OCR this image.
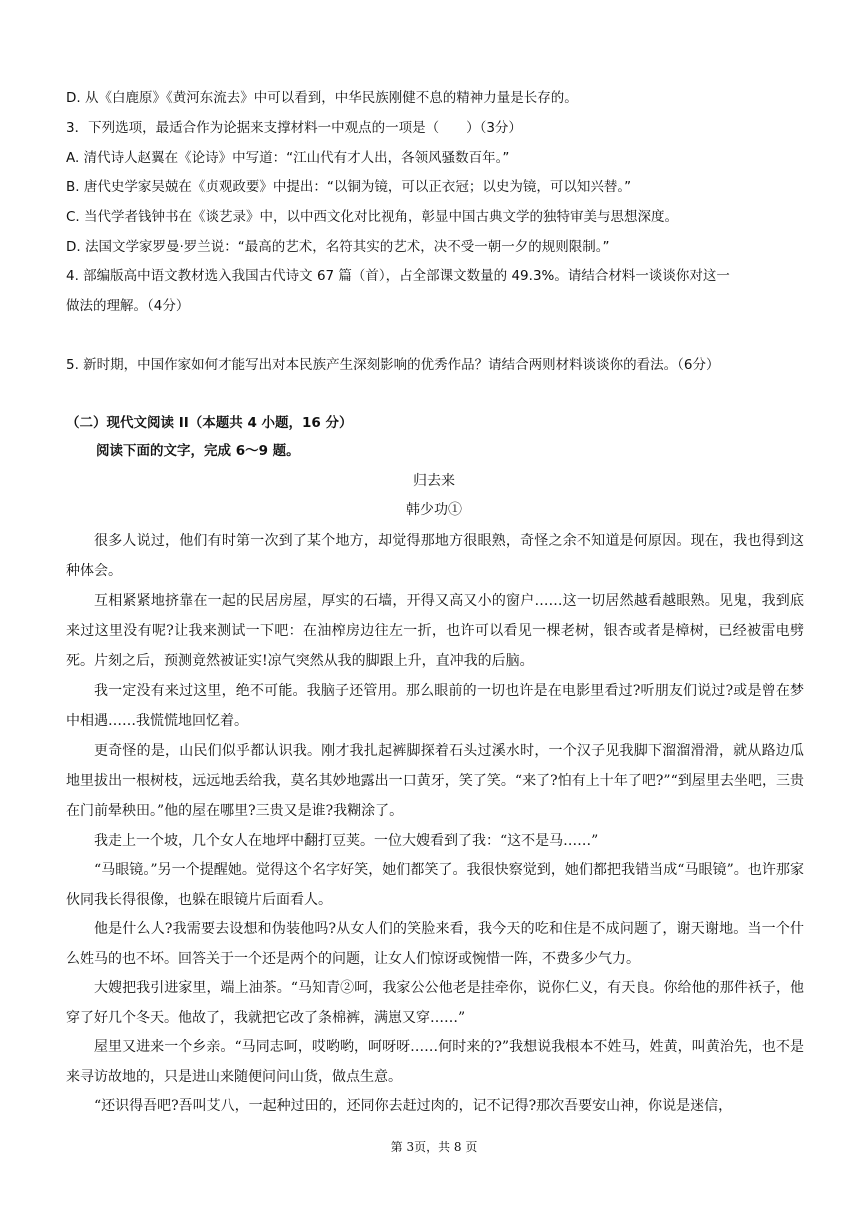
D. 从《白鹿原》《黄河东流去》中可以看到，中华民族刚健不息的精神力量是长存的。
3．下列选项，最适合作为论据来支撑材料一中观点的一项是（　　）（3分）
A. 清代诗人赵翼在《论诗》中写道：“江山代有才人出，各领风骚数百年。”
B. 唐代史学家吴兢在《贞观政要》中提出：“以铜为镜，可以正衣冠；以史为镜，可以知兴替。”
C. 当代学者钱钟书在《谈艺录》中，以中西文化对比视角，彰显中国古典文学的独特审美与思想深度。
D. 法国文学家罗曼·罗兰说：“最高的艺术，名符其实的艺术，决不受一朝一夕的规则限制。”
4. 部编版高中语文教材选入我国古代诗文 67 篇（首），占全部课文数量的 49.3%。请结合材料一谈谈你对这一
做法的理解。（4分）
5. 新时期，中国作家如何才能写出对本民族产生深刻影响的优秀作品？请结合两则材料谈谈你的看法。（6分）
（二）现代文阅读 II（本题共 4 小题，16 分）
阅读下面的文字，完成 6～9 题。
归去来
韩少功①
很多人说过，他们有时第一次到了某个地方，却觉得那地方很眼熟，奇怪之余不知道是何原因。现在，我也得到这种体会。
互相紧紧地挤靠在一起的民居房屋，厚实的石墙，开得又高又小的窗户……这一切居然越看越眼熟。见鬼，我到底来过这里没有呢?让我来测试一下吧：在油榨房边往左一折，也许可以看见一棵老树，银杏或者是樟树，已经被雷电劈死。片刻之后，预测竟然被证实!凉气突然从我的脚跟上升，直冲我的后脑。
我一定没有来过这里，绝不可能。我脑子还管用。那么眼前的一切也许是在电影里看过?听朋友们说过?或是曾在梦中相遇……我慌慌地回忆着。
更奇怪的是，山民们似乎都认识我。刚才我扎起裤脚探着石头过溪水时，一个汉子见我脚下溜溜滑滑，就从路边瓜地里拔出一根树枝，远远地丢给我，莫名其妙地露出一口黄牙，笑了笑。“来了?怕有上十年了吧?”“到屋里去坐吧，三贵在门前晕秧田。”他的屋在哪里?三贵又是谁?我糊涂了。
我走上一个坡，几个女人在地坪中翻打豆荚。一位大嫂看到了我：“这不是马……”
“马眼镜。”另一个提醒她。觉得这个名字好笑，她们都笑了。我很快察觉到，她们都把我错当成“马眼镜”。也许那家伙同我长得很像，也躲在眼镜片后面看人。
他是什么人?我需要去设想和伪装他吗?从女人们的笑脸来看，我今天的吃和住是不成问题了，谢天谢地。当一个什么姓马的也不坏。回答关于一个还是两个的问题，让女人们惊讶或惋惜一阵，不费多少气力。
大嫂把我引进家里，端上油茶。“马知青②呵，我家公公他老是挂牵你，说你仁义，有天良。你给他的那件袄子，他穿了好几个冬天。他故了，我就把它改了条棉裤，满崽又穿……”
屋里又进来一个乡亲。“马同志呵，哎哟哟，呵呀呀……何时来的?”我想说我根本不姓马，姓黄，叫黄治先，也不是来寻访故地的，只是进山来随便问问山货，做点生意。
“还识得吾吧?吾叫艾八，一起种过田的，还同你去赶过肉的，记不记得?那次吾要安山神，你说是迷信，
第 3页，共 8 页
